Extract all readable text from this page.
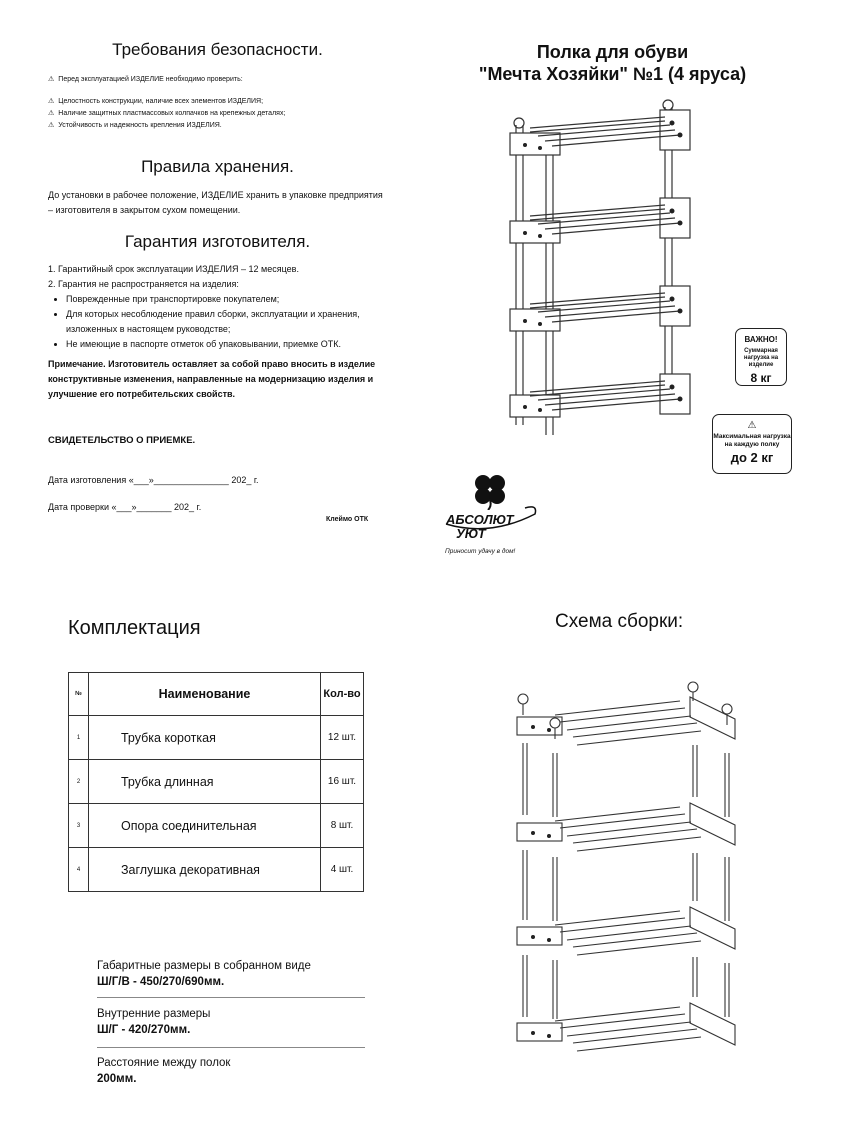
Требования безопасности.
⚠ Перед эксплуатацией ИЗДЕЛИЕ необходимо проверить:
⚠ Целостность конструкции, наличие всех элементов ИЗДЕЛИЯ;
⚠ Наличие защитных пластмассовых колпачков на крепежных деталях;
⚠ Устойчивость и надежность крепления ИЗДЕЛИЯ.
Правила хранения.
До установки в рабочее положение, ИЗДЕЛИЕ хранить в упаковке предприятия – изготовителя в закрытом сухом помещении.
Гарантия изготовителя.
1. Гарантийный срок эксплуатации ИЗДЕЛИЯ – 12 месяцев.
2. Гарантия не распространяется на изделия:
• Поврежденные при транспортировке покупателем;
• Для которых несоблюдение правил сборки, эксплуатации и хранения, изложенных в настоящем руководстве;
• Не имеющие в паспорте отметок об упаковывании, приемке ОТК.
Примечание. Изготовитель оставляет за собой право вносить в изделие конструктивные изменения, направленные на модернизацию изделия и улучшение его потребительских свойств.
СВИДЕТЕЛЬСТВО О ПРИЕМКЕ.
Дата изготовления «___»_______________ 202_ г.
Дата проверки «___»_______ 202_ г.
Клеймо ОТК
Полка для обуви
"Мечта Хозяйки" №1 (4 яруса)
ВАЖНО!
Суммарная нагрузка на изделие
8 кг
⚠
Максимальная нагрузка на каждую полку
до 2 кг
АБСОЛЮТ
УЮТ
Приносит удачу в дом!
Комплектация
№	Наименование	Кол-во
1	Трубка короткая	12 шт.
2	Трубка длинная	16 шт.
3	Опора соединительная	8 шт.
4	Заглушка декоративная	4 шт.
Габаритные размеры в собранном виде
Ш/Г/В - 450/270/690мм.
Внутренние размеры
Ш/Г - 420/270мм.
Расстояние между полок
200мм.
Схема сборки:
